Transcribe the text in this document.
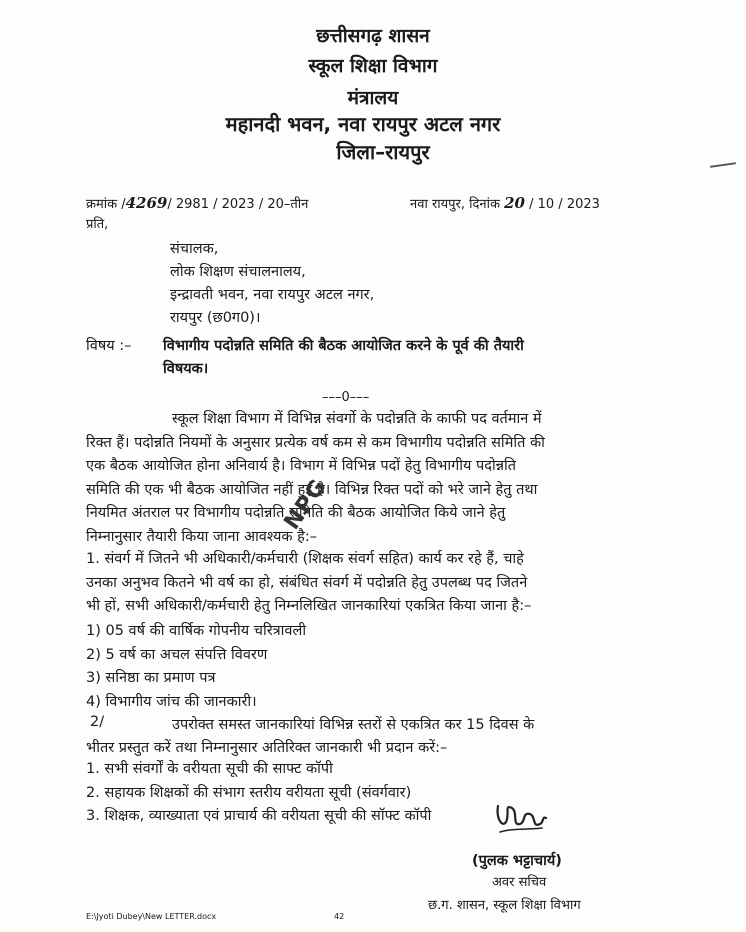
छत्तीसगढ़ शासन
स्कूल शिक्षा विभाग
मंत्रालय
महानदी भवन, नवा रायपुर अटल नगर
जिला–रायपुर
क्रमांक /4269/ 2981 / 2023 / 20–तीन	नवा रायपुर, दिनांक 20 / 10 / 2023
प्रति,
संचालक,
लोक शिक्षण संचालनालय,
इन्द्रावती भवन, नवा रायपुर अटल नगर,
रायपुर (छ0ग0)।
विषय :– विभागीय पदोन्नति समिति की बैठक आयोजित करने के पूर्व की तैयारी
विषयक।
–––0–––
स्कूल शिक्षा विभाग में विभिन्न संवर्गो के पदोन्नति के काफी पद वर्तमान में
रिक्त हैं। पदोन्नति नियमों के अनुसार प्रत्येक वर्ष कम से कम विभागीय पदोन्नति समिति की
एक बैठक आयोजित होना अनिवार्य है। विभाग में विभिन्न पदों हेतु विभागीय पदोन्नति
समिति की एक भी बैठक आयोजित नहीं हुई है। विभिन्न रिक्त पदों को भरे जाने हेतु तथा
नियमित अंतराल पर विभागीय पदोन्नति समिति की बैठक आयोजित किये जाने हेतु
निम्नानुसार तैयारी किया जाना आवश्यक है:–
1. संवर्ग में जितने भी अधिकारी/कर्मचारी (शिक्षक संवर्ग सहित) कार्य कर रहे हैं, चाहे
उनका अनुभव कितने भी वर्ष का हो, संबंधित संवर्ग में पदोन्नति हेतु उपलब्ध पद जितने
भी हों, सभी अधिकारी/कर्मचारी हेतु निम्नलिखित जानकारियां एकत्रित किया जाना है:–
1) 05 वर्ष की वार्षिक गोपनीय चरित्रावली
2) 5 वर्ष का अचल संपत्ति विवरण
3) सनिष्ठा का प्रमाण पत्र
4) विभागीय जांच की जानकारी।
2/	उपरोक्त समस्त जानकारियां विभिन्न स्तरों से एकत्रित कर 15 दिवस के
भीतर प्रस्तुत करें तथा निम्नानुसार अतिरिक्त जानकारी भी प्रदान करें:–
1. सभी संवर्गों के वरीयता सूची की साफ्ट कॉपी
2. सहायक शिक्षकों की संभाग स्तरीय वरीयता सूची (संवर्गवार)
3. शिक्षक, व्याख्याता एवं प्राचार्य की वरीयता सूची की सॉफ्ट कॉपी
NPG
(पुलक भट्टाचार्य)
अवर सचिव
छ.ग. शासन, स्कूल शिक्षा विभाग
E:\Jyoti Dubey\New LETTER.docx	42
